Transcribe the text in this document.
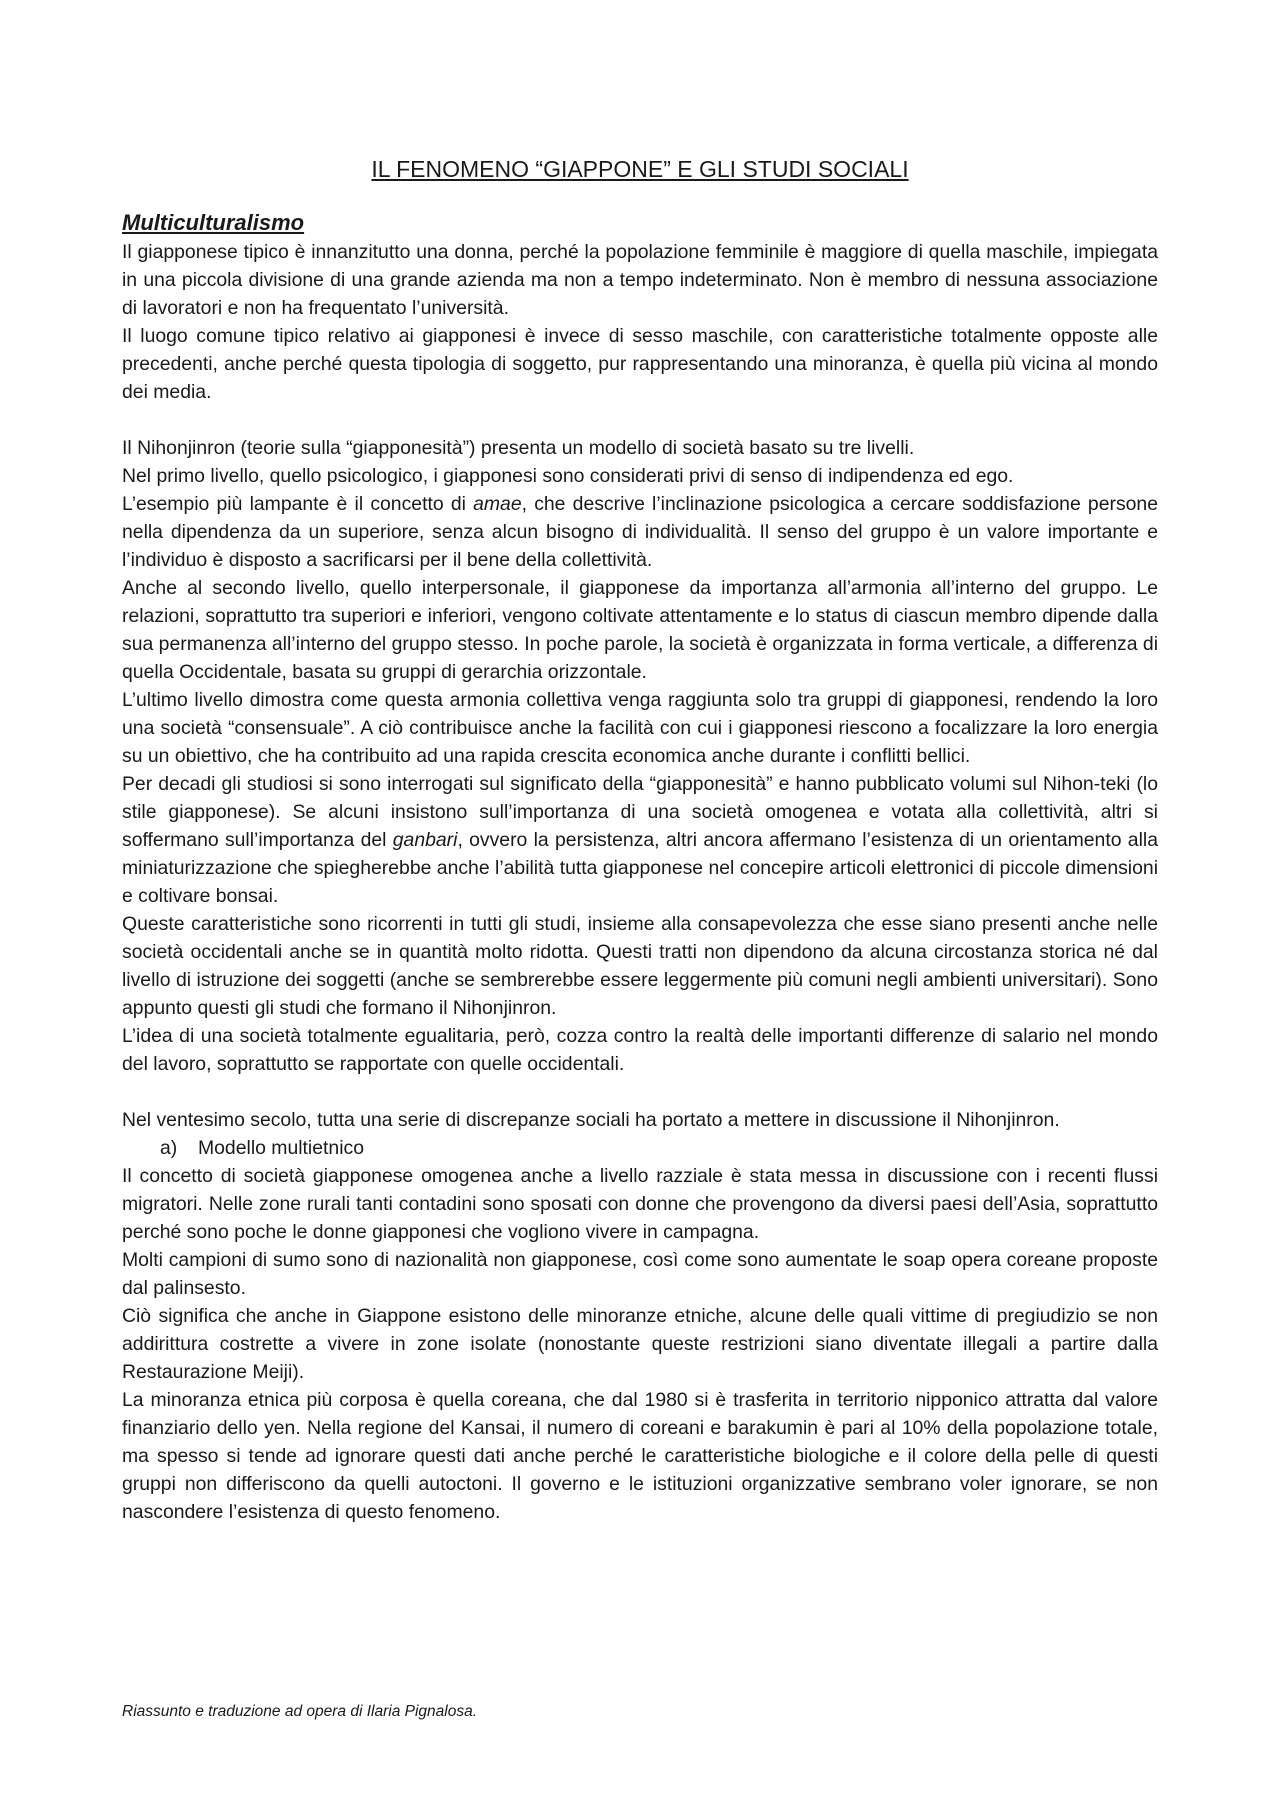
IL FENOMENO “GIAPPONE” E GLI STUDI SOCIALI
Multiculturalismo

Il giapponese tipico è innanzitutto una donna, perché la popolazione femminile è maggiore di quella maschile, impiegata in una piccola divisione di una grande azienda ma non a tempo indeterminato. Non è membro di nessuna associazione di lavoratori e non ha frequentato l’università.

Il luogo comune tipico relativo ai giapponesi è invece di sesso maschile, con caratteristiche totalmente opposte alle precedenti, anche perché questa tipologia di soggetto, pur rappresentando una minoranza, è quella più vicina al mondo dei media.

Il Nihonjinron (teorie sulla “giapponesità”) presenta un modello di società basato su tre livelli.

Nel primo livello, quello psicologico, i giapponesi sono considerati privi di senso di indipendenza ed ego.

L’esempio più lampante è il concetto di amae, che descrive l’inclinazione psicologica a cercare soddisfazione persone nella dipendenza da un superiore, senza alcun bisogno di individualità. Il senso del gruppo è un valore importante e l’individuo è disposto a sacrificarsi per il bene della collettività.

Anche al secondo livello, quello interpersonale, il giapponese da importanza all’armonia all’interno del gruppo. Le relazioni, soprattutto tra superiori e inferiori, vengono coltivate attentamente e lo status di ciascun membro dipende dalla sua permanenza all’interno del gruppo stesso. In poche parole, la società è organizzata in forma verticale, a differenza di quella Occidentale, basata su gruppi di gerarchia orizzontale.

L’ultimo livello dimostra come questa armonia collettiva venga raggiunta solo tra gruppi di giapponesi, rendendo la loro una società “consensuale”. A ciò contribuisce anche la facilità con cui i giapponesi riescono a focalizzare la loro energia su un obiettivo, che ha contribuito ad una rapida crescita economica anche durante i conflitti bellici.

Per decadi gli studiosi si sono interrogati sul significato della “giapponesità” e hanno pubblicato volumi sul Nihon-teki (lo stile giapponese). Se alcuni insistono sull’importanza di una società omogenea e votata alla collettività, altri si soffermano sull’importanza del ganbari, ovvero la persistenza, altri ancora affermano l’esistenza di un orientamento alla miniaturizzazione che spiegherebbe anche l’abilità tutta giapponese nel concepire articoli elettronici di piccole dimensioni e coltivare bonsai.

Queste caratteristiche sono ricorrenti in tutti gli studi, insieme alla consapevolezza che esse siano presenti anche nelle società occidentali anche se in quantità molto ridotta. Questi tratti non dipendono da alcuna circostanza storica né dal livello di istruzione dei soggetti (anche se sembrerebbe essere leggermente più comuni negli ambienti universitari). Sono appunto questi gli studi che formano il Nihonjinron.

L’idea di una società totalmente egualitaria, però, cozza contro la realtà delle importanti differenze di salario nel mondo del lavoro, soprattutto se rapportate con quelle occidentali.

Nel ventesimo secolo, tutta una serie di discrepanze sociali ha portato a mettere in discussione il Nihonjinron.

a) Modello multietnico

Il concetto di società giapponese omogenea anche a livello razziale è stata messa in discussione con i recenti flussi migratori. Nelle zone rurali tanti contadini sono sposati con donne che provengono da diversi paesi dell’Asia, soprattutto perché sono poche le donne giapponesi che vogliono vivere in campagna.

Molti campioni di sumo sono di nazionalità non giapponese, così come sono aumentate le soap opera coreane proposte dal palinsesto.

Ciò significa che anche in Giappone esistono delle minoranze etniche, alcune delle quali vittime di pregiudizio se non addirittura costrette a vivere in zone isolate (nonostante queste restrizioni siano diventate illegali a partire dalla Restaurazione Meiji).

La minoranza etnica più corposa è quella coreana, che dal 1980 si è trasferita in territorio nipponico attratta dal valore finanziario dello yen. Nella regione del Kansai, il numero di coreani e barakumin è pari al 10% della popolazione totale, ma spesso si tende ad ignorare questi dati anche perché le caratteristiche biologiche e il colore della pelle di questi gruppi non differiscono da quelli autoctoni. Il governo e le istituzioni organizzative sembrano voler ignorare, se non nascondere l’esistenza di questo fenomeno.

Riassunto e traduzione ad opera di Ilaria Pignalosa.
